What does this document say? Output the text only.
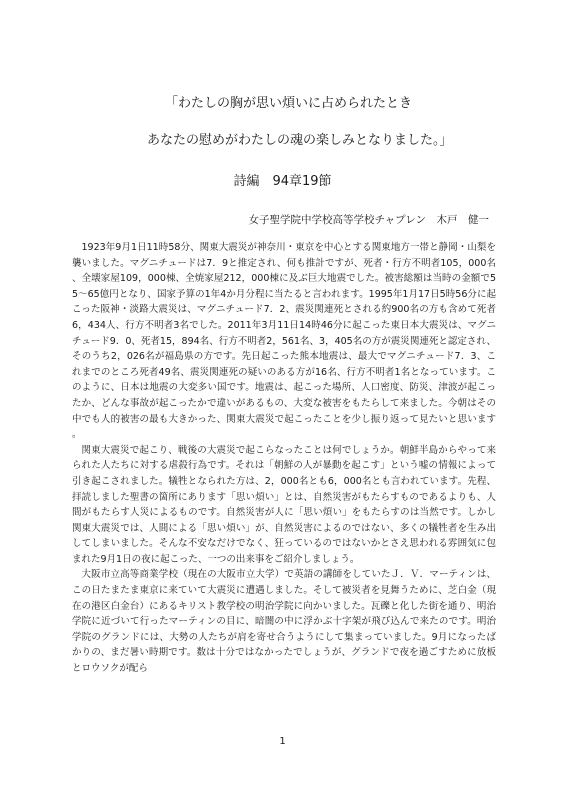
「わたしの胸が思い煩いに占められたとき
あなたの慰めがわたしの魂の楽しみとなりました。」
詩編　94章19節
女子聖学院中学校高等学校チャプレン　木戸　健一

1923年9月1日11時58分、関東大震災が神奈川・東京を中心とする関東地方一帯と静岡・山梨を襲いました。マグニチュードは7．9と推定され、何も推計ですが、死者・行方不明者105，000名、全壊家屋109，000棟、全焼家屋212，000棟に及ぶ巨大地震でした。被害総額は当時の金額で55～65億円となり、国家予算の1年4か月分程に当たると言われます。1995年1月17日5時56分に起こった阪神・淡路大震災は、マグニチュード7．2、震災関連死とされる約900名の方も含めて死者6，434人、行方不明者3名でした。2011年3月11日14時46分に起こった東日本大震災は、マグニチュード9．0、死者15，894名、行方不明者2，561名、3，405名の方が震災関連死と認定され、そのうち2，026名が福島県の方です。先日起こった熊本地震は、最大でマグニチュード7．3、これまでのところ死者49名、震災関連死の疑いのある方が16名、行方不明者1名となっています。このように、日本は地震の大変多い国です。地震は、起こった場所、人口密度、防災、津波が起こったか、どんな事故が起こったかで違いがあるもの、大変な被害をもたらして来ました。今朝はその中でも人的被害の最も大きかった、関東大震災で起こったことを少し振り返って見たいと思います。

関東大震災で起こり、戦後の大震災で起こらなったことは何でしょうか。朝鮮半島からやって来られた人たちに対する虐殺行為です。それは「朝鮮の人が暴動を起こす」という嘘の情報によって引き起こされました。犠牲となられた方は、2，000名とも6，000名とも言われています。先程、拝読しました聖書の箇所にあります「思い煩い」とは、自然災害がもたらすものであるよりも、人間がもたらす人災によるものです。自然災害が人に「思い煩い」をもたらすのは当然です。しかし関東大震災では、人間による「思い煩い」が、自然災害によるのではない、多くの犠牲者を生み出してしまいました。そんな不安なだけでなく、狂っているのではないかとさえ思われる雰囲気に包まれた9月1日の夜に起こった、一つの出来事をご紹介しましょう。

大阪市立高等商業学校（現在の大阪市立大学）で英語の講師をしていたＪ．Ｖ．マーティンは、この日たまたま東京に来ていて大震災に遭遇しました。そして被災者を見舞うために、芝白金（現在の港区白金台）にあるキリスト教学校の明治学院に向かいました。瓦礫と化した街を通り、明治学院に近づいて行ったマーティンの目に、暗闇の中に浮かぶ十字架が飛び込んで来たのです。明治学院のグランドには、大勢の人たちが肩を寄せ合うようにして集まっていました。9月になったばかりの、まだ暑い時期です。数は十分ではなかったでしょうが、グランドで夜を過ごすために放板とロウソクが配ら

1
